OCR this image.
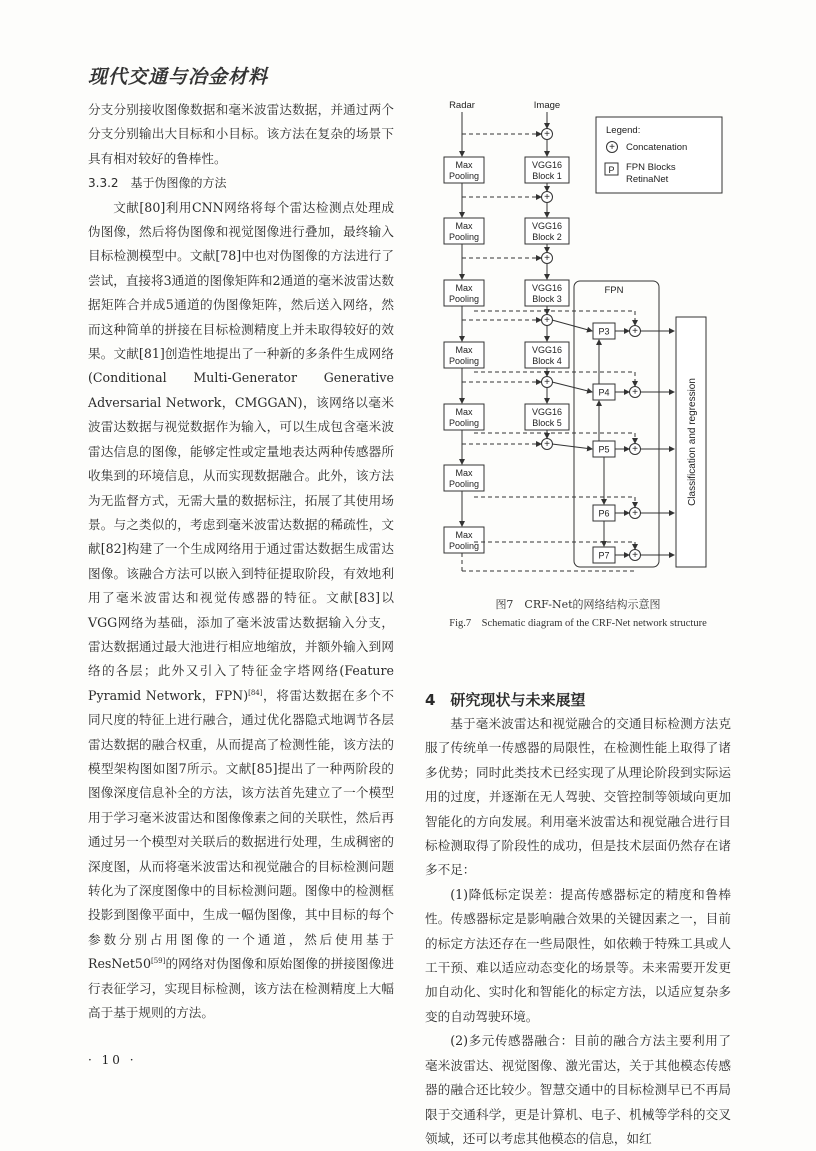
现代交通与冶金材料

分支分别接收图像数据和毫米波雷达数据，并通过两个分支分别输出大目标和小目标。该方法在复杂的场景下具有相对较好的鲁棒性。

3.3.2　基于伪图像的方法

文献[80]利用CNN网络将每个雷达检测点处理成伪图像，然后将伪图像和视觉图像进行叠加，最终输入目标检测模型中。文献[78]中也对伪图像的方法进行了尝试，直接将3通道的图像矩阵和2通道的毫米波雷达数据矩阵合并成5通道的伪图像矩阵，然后送入网络，然而这种简单的拼接在目标检测精度上并未取得较好的效果。文献[81]创造性地提出了一种新的多条件生成网络(Conditional Multi-Generator Generative Adversarial Network，CMGGAN)，该网络以毫米波雷达数据与视觉数据作为输入，可以生成包含毫米波雷达信息的图像，能够定性或定量地表达两种传感器所收集到的环境信息，从而实现数据融合。此外，该方法为无监督方式，无需大量的数据标注，拓展了其使用场景。与之类似的，考虑到毫米波雷达数据的稀疏性，文献[82]构建了一个生成网络用于通过雷达数据生成雷达图像。该融合方法可以嵌入到特征提取阶段，有效地利用了毫米波雷达和视觉传感器的特征。文献[83]以VGG网络为基础，添加了毫米波雷达数据输入分支，雷达数据通过最大池进行相应地缩放，并额外输入到网络的各层；此外又引入了特征金字塔网络(Feature Pyramid Network，FPN)[84]，将雷达数据在多个不同尺度的特征上进行融合，通过优化器隐式地调节各层雷达数据的融合权重，从而提高了检测性能，该方法的模型架构图如图7所示。文献[85]提出了一种两阶段的图像深度信息补全的方法，该方法首先建立了一个模型用于学习毫米波雷达和图像像素之间的关联性，然后再通过另一个模型对关联后的数据进行处理，生成稠密的深度图，从而将毫米波雷达和视觉融合的目标检测问题转化为了深度图像中的目标检测问题。图像中的检测框投影到图像平面中，生成一幅伪图像，其中目标的每个参数分别占用图像的一个通道，然后使用基于ResNet50[59]的网络对伪图像和原始图像的拼接图像进行表征学习，实现目标检测，该方法在检测精度上大幅高于基于规则的方法。

Legend:
+ Concatenation
P FPN Blocks
RetinaNet
Radar	Image
+
Max
Pooling
VGG16
Block 1
+
Max
Pooling
VGG16
Block 2
+
Max
Pooling
VGG16
Block 3
+
Max
Pooling
VGG16
Block 4
+
Max
Pooling
VGG16
Block 5
+
Max
Pooling
Max
Pooling
FPN
P3 +
P4 +
P5 +
P6 +
P7 +
Classification and regression
图7　CRF-Net的网络结构示意图
Fig.7　Schematic diagram of the CRF-Net network structure

4　研究现状与未来展望

基于毫米波雷达和视觉融合的交通目标检测方法克服了传统单一传感器的局限性，在检测性能上取得了诸多优势；同时此类技术已经实现了从理论阶段到实际运用的过度，并逐渐在无人驾驶、交管控制等领域向更加智能化的方向发展。利用毫米波雷达和视觉融合进行目标检测取得了阶段性的成功，但是技术层面仍然存在诸多不足：

(1)降低标定误差：提高传感器标定的精度和鲁棒性。传感器标定是影响融合效果的关键因素之一，目前的标定方法还存在一些局限性，如依赖于特殊工具或人工干预、难以适应动态变化的场景等。未来需要开发更加自动化、实时化和智能化的标定方法，以适应复杂多变的自动驾驶环境。

(2)多元传感器融合：目前的融合方法主要利用了毫米波雷达、视觉图像、激光雷达，关于其他模态传感器的融合还比较少。智慧交通中的目标检测早已不再局限于交通科学，更是计算机、电子、机械等学科的交叉领域，还可以考虑其他模态的信息，如红

· 10 ·
